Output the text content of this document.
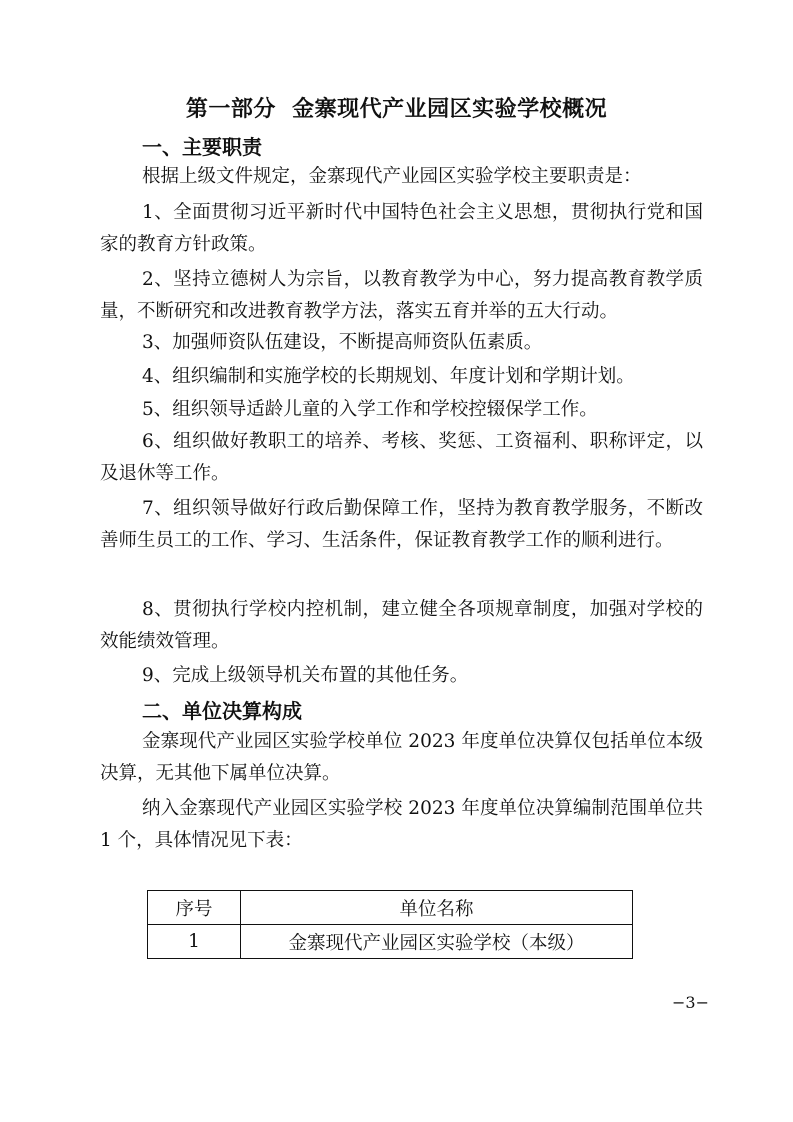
第一部分  金寨现代产业园区实验学校概况
一、主要职责

根据上级文件规定，金寨现代产业园区实验学校主要职责是：

1、全面贯彻习近平新时代中国特色社会主义思想，贯彻执行党和国家的教育方针政策。

2、坚持立德树人为宗旨，以教育教学为中心，努力提高教育教学质量，不断研究和改进教育教学方法，落实五育并举的五大行动。

3、加强师资队伍建设，不断提高师资队伍素质。

4、组织编制和实施学校的长期规划、年度计划和学期计划。

5、组织领导适龄儿童的入学工作和学校控辍保学工作。

6、组织做好教职工的培养、考核、奖惩、工资福利、职称评定，以及退休等工作。

7、组织领导做好行政后勤保障工作，坚持为教育教学服务，不断改善师生员工的工作、学习、生活条件，保证教育教学工作的顺利进行。

8、贯彻执行学校内控机制，建立健全各项规章制度，加强对学校的效能绩效管理。

9、完成上级领导机关布置的其他任务。

二、单位决算构成

金寨现代产业园区实验学校单位 2023 年度单位决算仅包括单位本级决算，无其他下属单位决算。

纳入金寨现代产业园区实验学校 2023 年度单位决算编制范围单位共 1 个，具体情况见下表：

序号	单位名称
1	金寨现代产业园区实验学校（本级）
−3−
